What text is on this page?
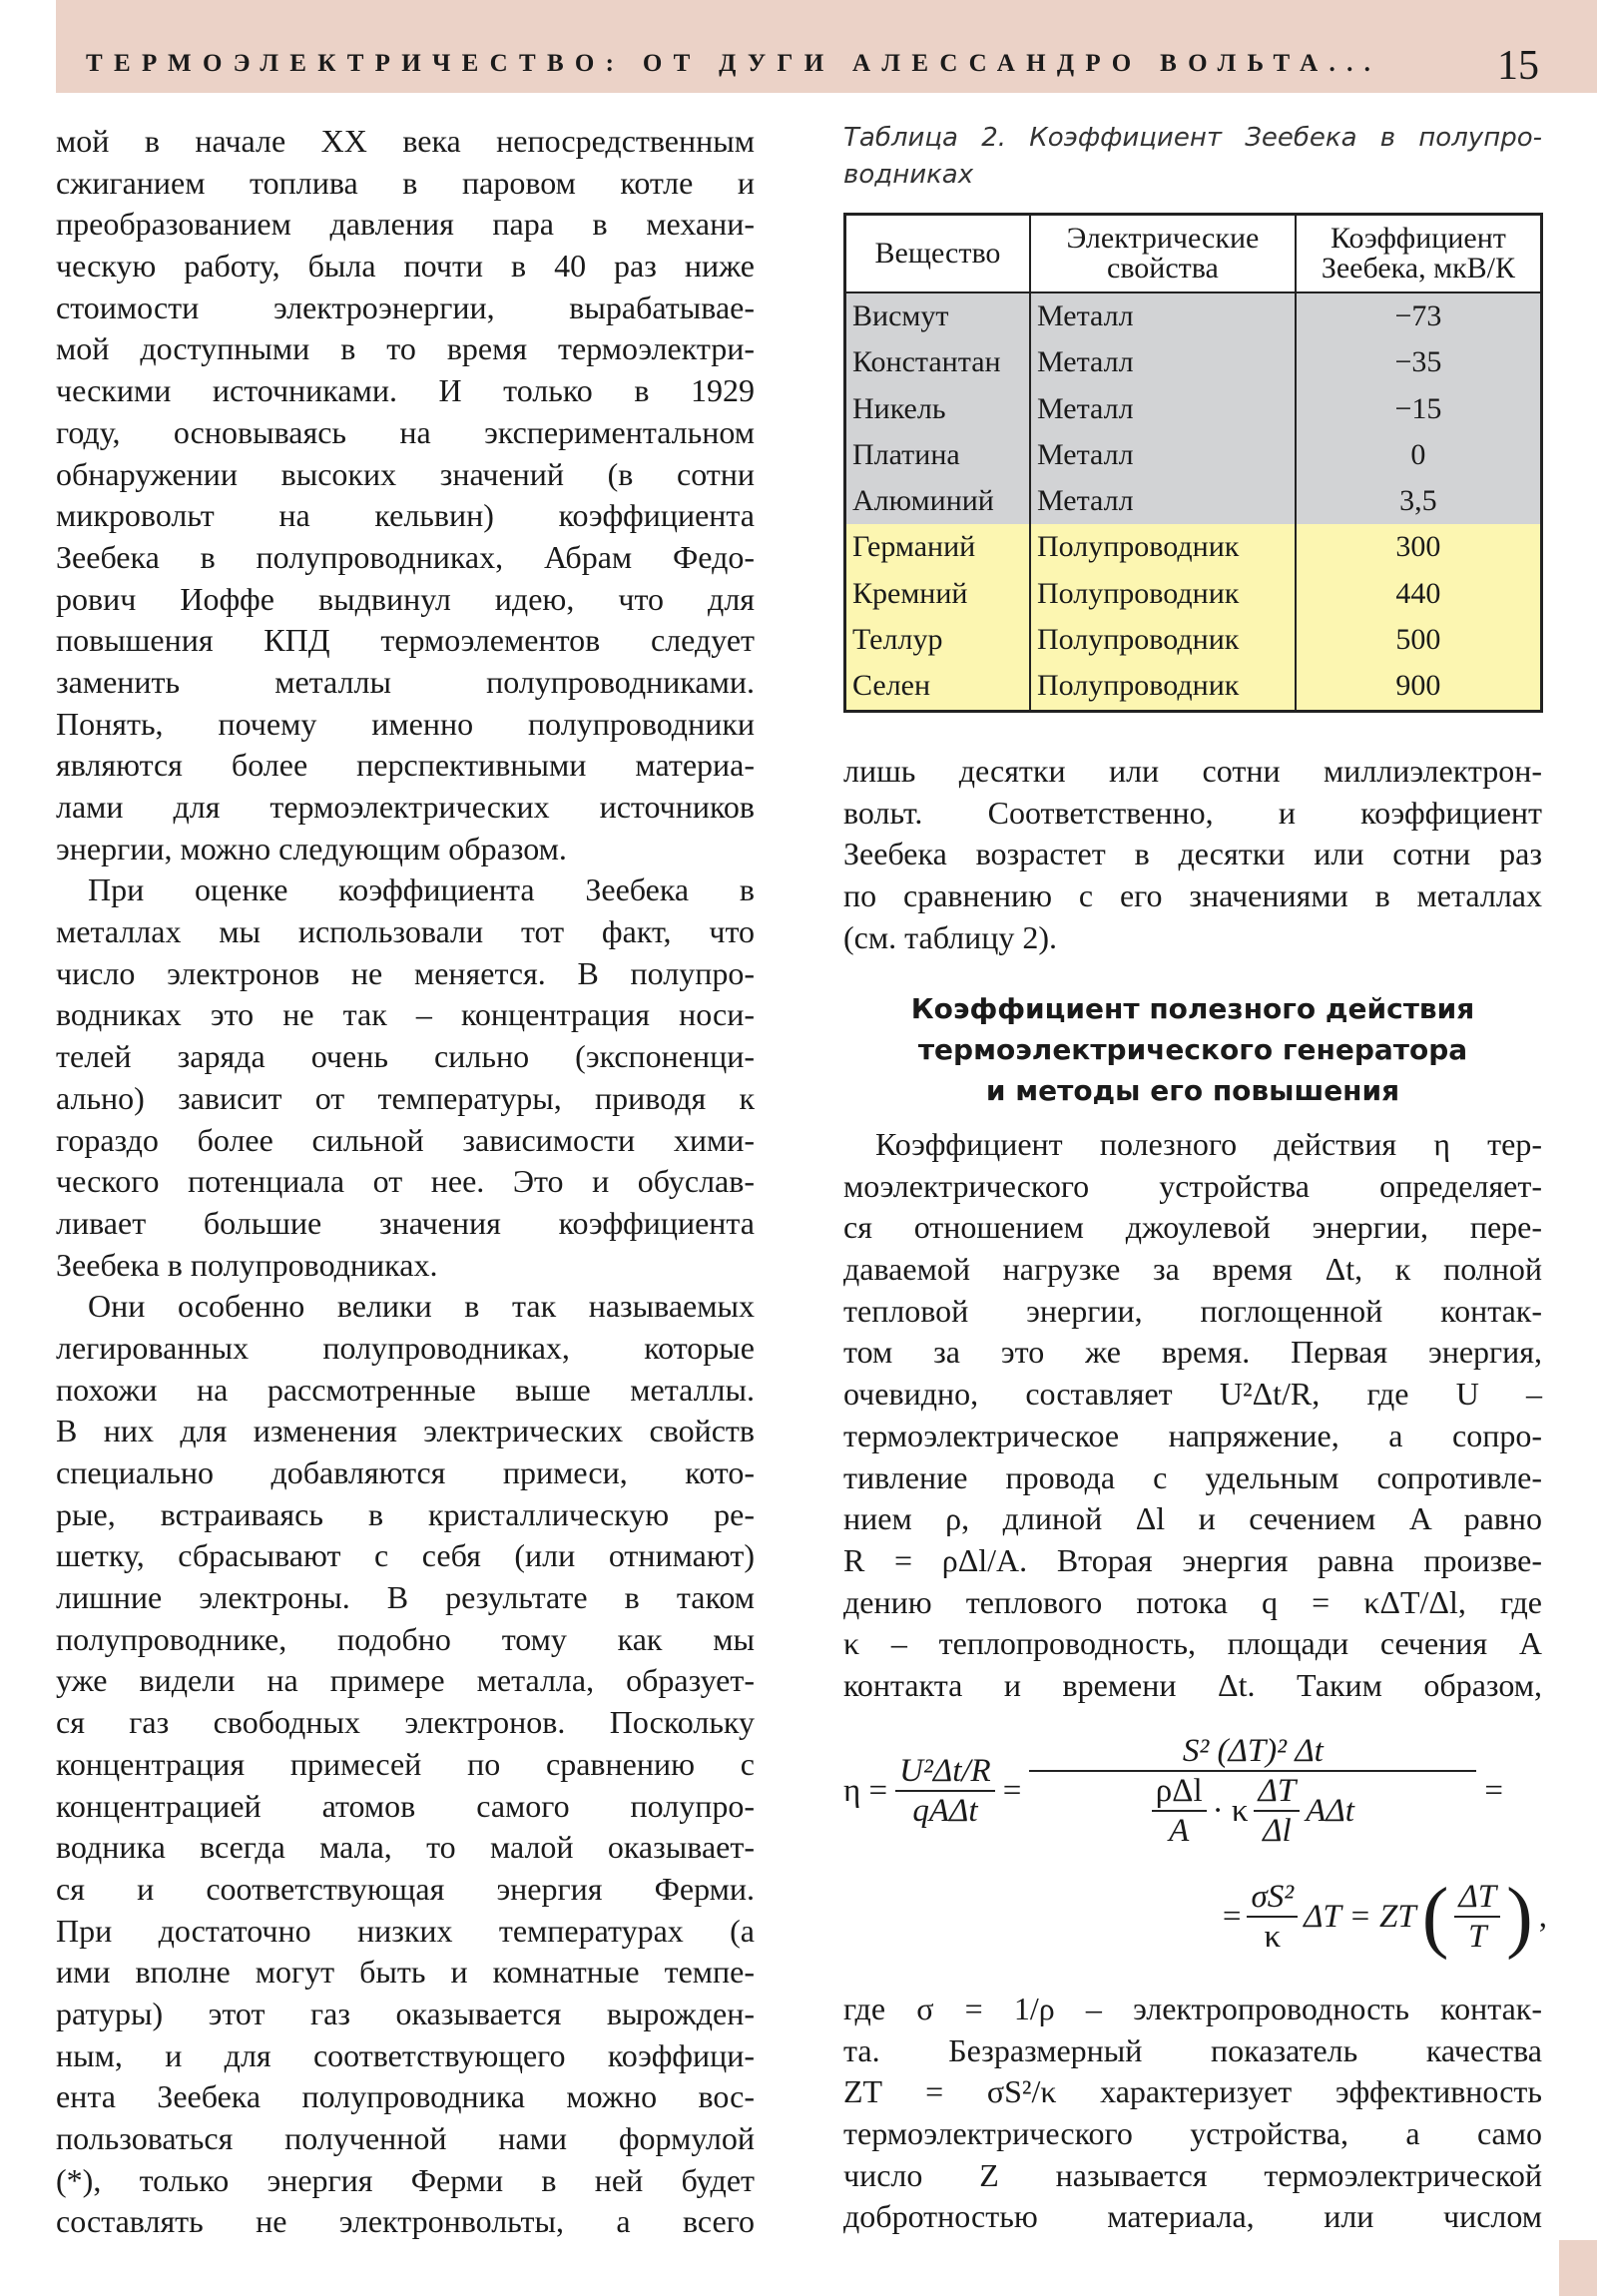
ТЕРМОЭЛЕКТРИЧЕСТВО: ОТ ДУГИ АЛЕССАНДРО ВОЛЬТА...	15
мой в начале XX века непосредственным
сжиганием топлива в паровом котле и
преобразованием давления пара в механи-
ческую работу, была почти в 40 раз ниже
стоимости электроэнергии, вырабатывае-
мой доступными в то время термоэлектри-
ческими источниками. И только в 1929
году, основываясь на экспериментальном
обнаружении высоких значений (в сотни
микровольт на кельвин) коэффициента
Зеебека в полупроводниках, Абрам Федо-
рович Иоффе выдвинул идею, что для
повышения КПД термоэлементов следует
заменить металлы полупроводниками.
Понять, почему именно полупроводники
являются более перспективными материа-
лами для термоэлектрических источников
энергии, можно следующим образом.
При оценке коэффициента Зеебека в
металлах мы использовали тот факт, что
число электронов не меняется. В полупро-
водниках это не так – концентрация носи-
телей заряда очень сильно (экспоненци-
ально) зависит от температуры, приводя к
гораздо более сильной зависимости хими-
ческого потенциала от нее. Это и обуслав-
ливает большие значения коэффициента
Зеебека в полупроводниках.
Они особенно велики в так называемых
легированных полупроводниках, которые
похожи на рассмотренные выше металлы.
В них для изменения электрических свойств
специально добавляются примеси, кото-
рые, встраиваясь в кристаллическую ре-
шетку, сбрасывают с себя (или отнимают)
лишние электроны. В результате в таком
полупроводнике, подобно тому как мы
уже видели на примере металла, образует-
ся газ свободных электронов. Поскольку
концентрация примесей по сравнению с
концентрацией атомов самого полупро-
водника всегда мала, то малой оказывает-
ся и соответствующая энергия Ферми.
При достаточно низких температурах (а
ими вполне могут быть и комнатные темпе-
ратуры) этот газ оказывается вырожден-
ным, и для соответствующего коэффици-
ента Зеебека полупроводника можно вос-
пользоваться полученной нами формулой
(*), только энергия Ферми в ней будет
составлять не электронвольты, а всего
Таблица 2. Коэффициент Зеебека в полупро-
водниках
Вещество	Электрические свойства	Коэффициент Зеебека, мкВ/К
Висмут	Металл	−73
Константан	Металл	−35
Никель	Металл	−15
Платина	Металл	0
Алюминий	Металл	3,5
Германий	Полупроводник	300
Кремний	Полупроводник	440
Теллур	Полупроводник	500
Селен	Полупроводник	900
лишь десятки или сотни миллиэлектрон-
вольт. Соответственно, и коэффициент
Зеебека возрастет в десятки или сотни раз
по сравнению с его значениями в металлах
(см. таблицу 2).
Коэффициент полезного действия
термоэлектрического генератора
и методы его повышения
Коэффициент полезного действия η тер-
моэлектрического устройства определяет-
ся отношением джоулевой энергии, пере-
даваемой нагрузке за время Δt, к полной
тепловой энергии, поглощенной контак-
том за это же время. Первая энергия,
очевидно, составляет U²Δt/R, где U –
термоэлектрическое напряжение, а сопро-
тивление провода с удельным сопротивле-
нием ρ, длиной Δl и сечением A равно
R = ρΔl/A. Вторая энергия равна произве-
дению теплового потока q = κΔT/Δl, где
κ – теплопроводность, площади сечения A
контакта и времени Δt. Таким образом,
$\eta = \frac{\text{U²Δt/R}}{\text{qAΔt}} = \frac{\text{S² (ΔT)² Δt}}{\frac{\text{ρΔl}}{A} \cdot \kappa \frac{\Delta T}{\Delta l} A\Delta t}$ =
= $\frac{\text{σS²}}{\kappa}$ ΔT = ZT ( $\frac{\Delta T}{T}$ ) ,
где σ = 1/ρ – электропроводность контак-
та. Безразмерный показатель качества
ZT = σS²/κ характеризует эффективность
термоэлектрического устройства, а само
число Z называется термоэлектрической
добротностью материала, или числом
